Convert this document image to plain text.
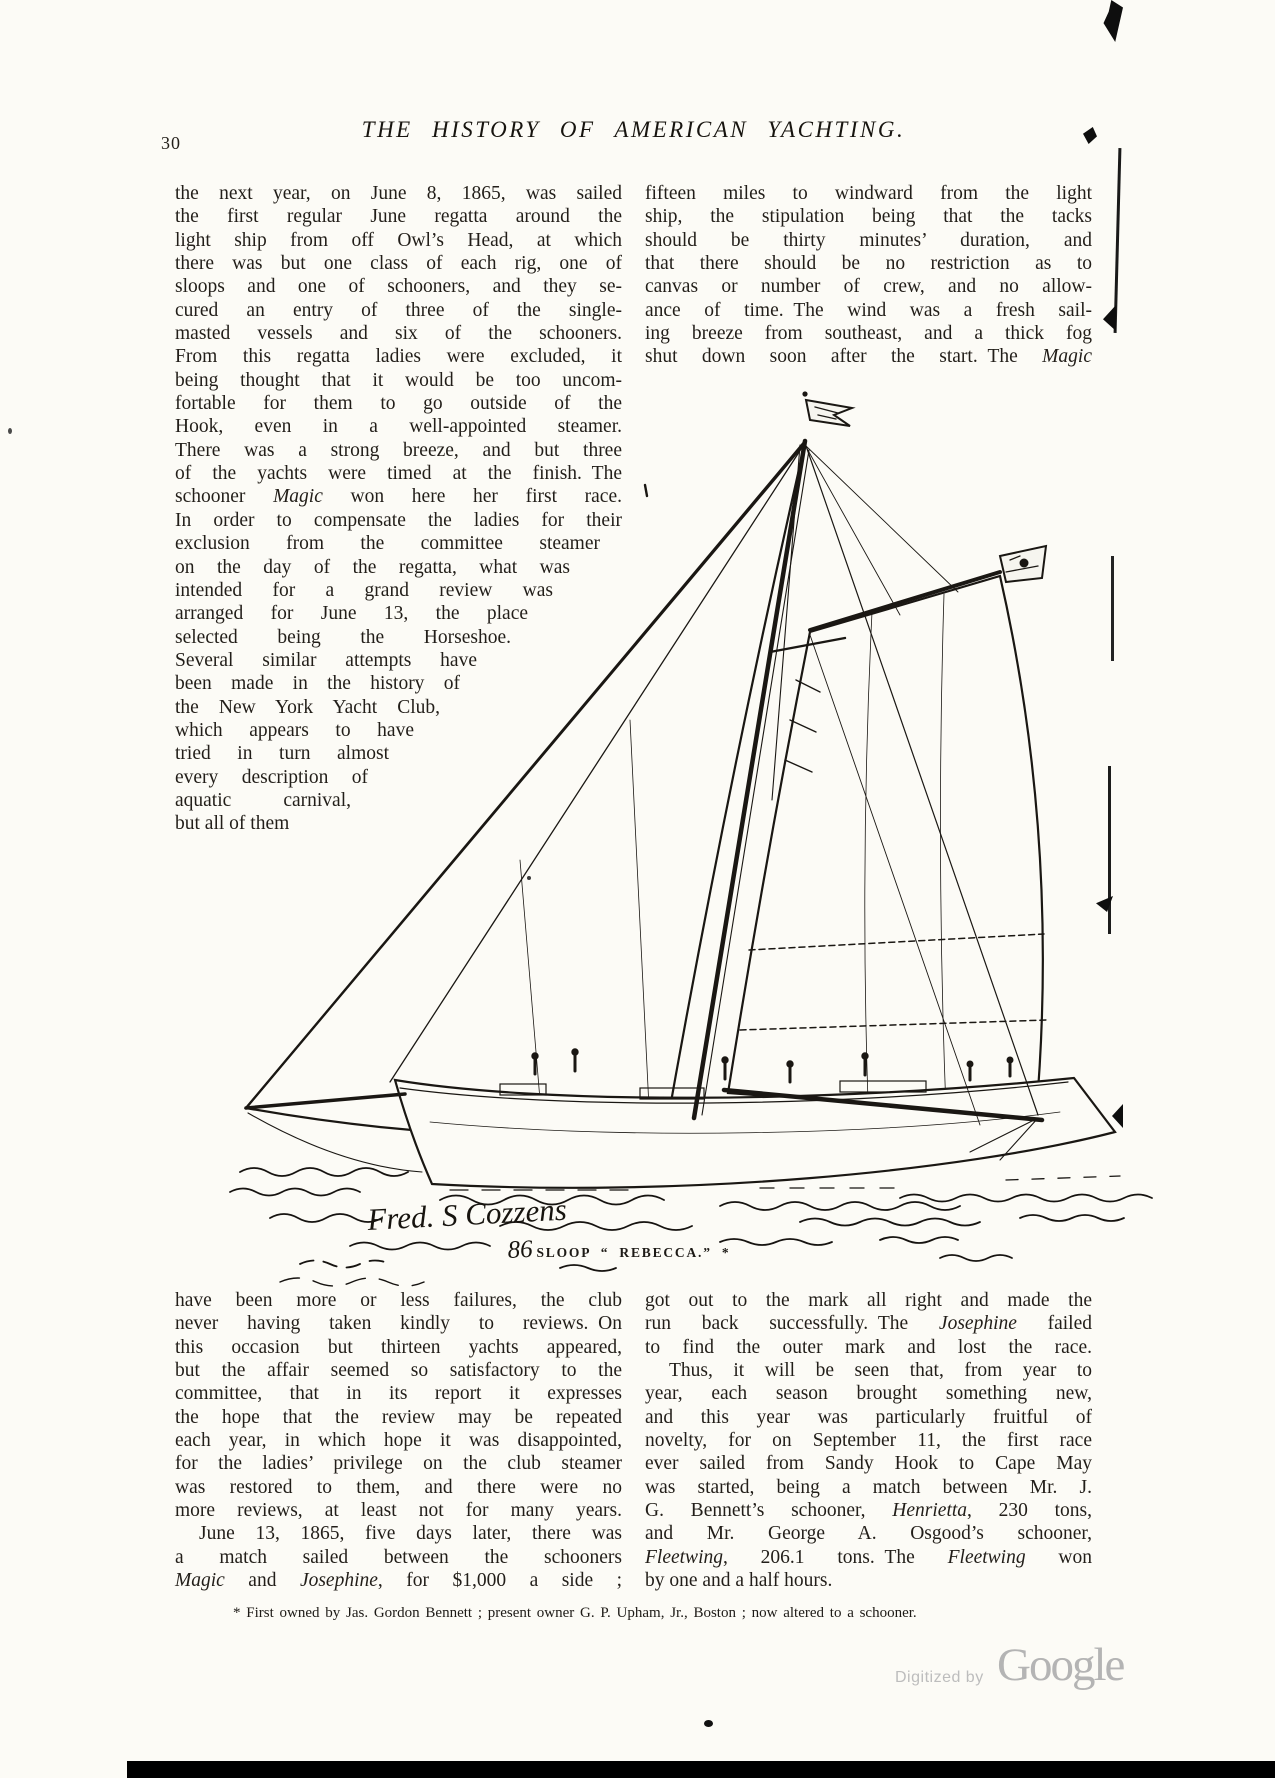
30
THE HISTORY OF AMERICAN YACHTING.
the next year, on June 8, 1865, was sailed
the first regular June regatta around the
light ship from off Owl’s Head, at which
there was but one class of each rig, one of
sloops and one of schooners, and they se-
cured an entry of three of the single-
masted vessels and six of the schooners.
From this regatta ladies were excluded, it
being thought that it would be too uncom-
fortable for them to go outside of the
Hook, even in a well-appointed steamer.
There was a strong breeze, and but three
of the yachts were timed at the finish. The
schooner Magic won here her first race.
In order to compensate the ladies for their
exclusion from the committee steamer
on the day of the regatta, what was
intended for a grand review was
arranged for June 13, the place
selected being the Horseshoe.
Several similar attempts have
been made in the history of
the New York Yacht Club,
which appears to have
tried in turn almost
every description of
aquatic carnival,
but all of them
fifteen miles to windward from the light
ship, the stipulation being that the tacks
should be thirty minutes’ duration, and
that there should be no restriction as to
canvas or number of crew, and no allow-
ance of time. The wind was a fresh sail-
ing breeze from southeast, and a thick fog
shut down soon after the start. The Magic
have been more or less failures, the club
never having taken kindly to reviews. On
this occasion but thirteen yachts appeared,
but the affair seemed so satisfactory to the
committee, that in its report it expresses
the hope that the review may be repeated
each year, in which hope it was disappointed,
for the ladies’ privilege on the club steamer
was restored to them, and there were no
more reviews, at least not for many years.
June 13, 1865, five days later, there was
a match sailed between the schooners
Magic and Josephine, for $1,000 a side ;
got out to the mark all right and made the
run back successfully. The Josephine failed
to find the outer mark and lost the race.
Thus, it will be seen that, from year to
year, each season brought something new,
and this year was particularly fruitful of
novelty, for on September 11, the first race
ever sailed from Sandy Hook to Cape May
was started, being a match between Mr. J.
G. Bennett’s schooner, Henrietta, 230 tons,
and Mr. George A. Osgood’s schooner,
Fleetwing, 206.1 tons. The Fleetwing won
by one and a half hours.
Fred. S Cozzens
86 SLOOP “ REBECCA.” *
* First owned by Jas. Gordon Bennett ; present owner G. P. Upham, Jr., Boston ; now altered to a schooner.
Digitized by Google
